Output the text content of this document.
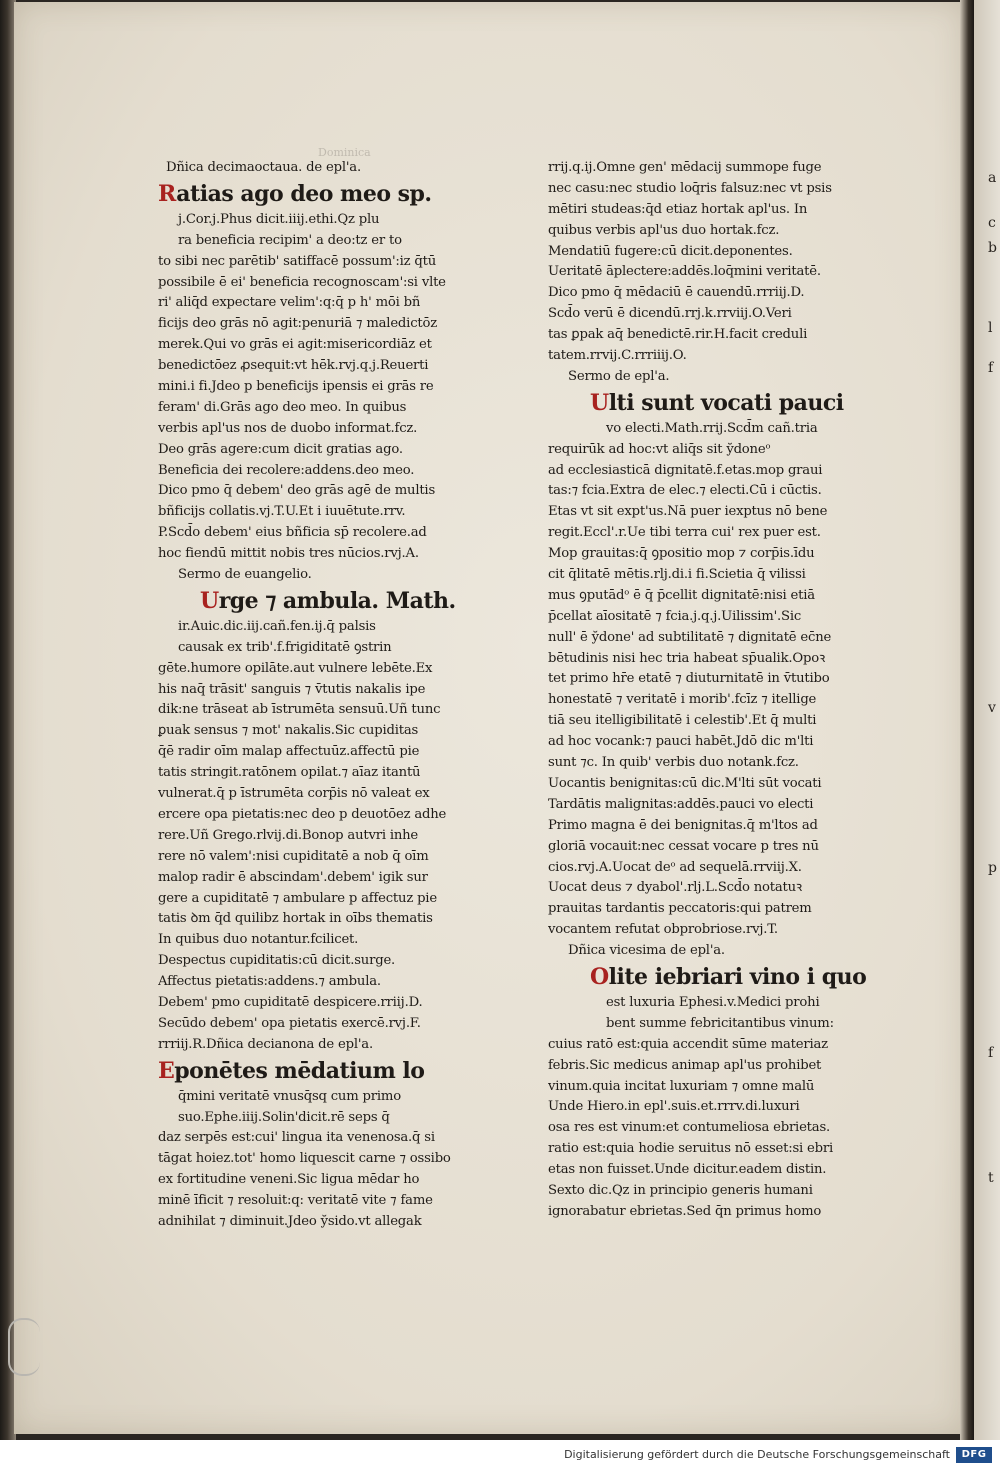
a
c
b
l
f
v
p
f
t
Dñica decimaoctaua. de epl'a.
Ratias ago deo meo sp.
j.Cor.j.Phus dicit.iiij.ethi.Qz plu
ra beneficia recipim' a deo:tz er to
to sibi nec parētib' satiffacē possum':iz q̄tū
possibile ē ei' beneficia recognoscam':si vlte
ri' aliq̄d expectare velim':q:q̄ p h' mōi bñ
ficijs deo grās nō agit:penuriā ⁊ maledictōz
merek.Qui vo grās ei agit:misericordiāz et
benedictōez ꝓsequit:vt hēk.rvj.q.j.Reuerti
mini.i fi.Jdeo p beneficijs ipensis ei grās re
feram' di.Grās ago deo meo. In quibus
verbis apl'us nos de duobo informat.fcz.
Deo grās agere:cum dicit gratias ago.
Beneficia dei recolere:addens.deo meo.
Dico pmo q̄ debem' deo grās agē de multis
bñficijs collatis.vj.T.U.Et i iuuētute.rrv.
P.Scd̄o debem' eius bñficia sp̄ recolere.ad
hoc fiendū mittit nobis tres nūcios.rvj.A.
Sermo de euangelio.
Urge ⁊ ambula. Math.
ir.Auic.dic.iij.cañ.fen.ij.q̄ palsis
causak ex trib'.f.frigiditatē ꝯstrin
gēte.humore opilāte.aut vulnere lebēte.Ex
his naq̄ trāsit' sanguis ⁊ v̄tutis nakalis ipe
dik:ne trāseat ab īstrumēta sensuū.Uñ tunc
ꝑuak sensus ⁊ mot' nakalis.Sic cupiditas
q̄ē radir oīm malap affectuūz.affectū pie
tatis stringit.ratōnem opilat.⁊ aīaz itantū
vulnerat.q̄ p īstrumēta corp̄is nō valeat ex
ercere opa pietatis:nec deo p deuotōez adhe
rere.Uñ Grego.rlvij.di.Bonop autvri inhe
rere nō valem':nisi cupiditatē a nob q̄ oīm
malop radir ē abscindam'.debem' igik sur
gere a cupiditatē ⁊ ambulare p affectuz pie
tatis ꝺm q̄d quilibz hortak in oībs thematis
In quibus duo notantur.fcilicet.
Despectus cupiditatis:cū dicit.surge.
Affectus pietatis:addens.⁊ ambula.
Debem' pmo cupiditatē despicere.rriij.D.
Secūdo debem' opa pietatis exercē.rvj.F.
rrriij.R.Dñica decianona de epl'a.
Eponētes mēdatium lo
q̄mini veritatē vnusq̄sq cum primo
suo.Ephe.iiij.Solin'dicit.rē seps q̄
daz serpēs est:cui' lingua ita venenosa.q̄ si
tāgat hoiez.tot' homo liquescit carne ⁊ ossibo
ex fortitudine veneni.Sic ligua mēdar ho
minē īficit ⁊ resoluit:q: veritatē vite ⁊ fame
adnihilat ⁊ diminuit.Jdeo y̆sido.vt allegak
rrij.q.ij.Omne gen' mēdacij summope fuge
nec casu:nec studio loq̄ris falsuz:nec vt psis
mētiri studeas:q̄d etiaz hortak apl'us. In
quibus verbis apl'us duo hortak.fcz.
Mendatiū fugere:cū dicit.deponentes.
Ueritatē āplectere:addēs.loq̄mini veritatē.
Dico pmo q̄ mēdaciū ē cauendū.rrriij.D.
Scd̄o verū ē dicendū.rrj.k.rrviij.O.Veri
tas ꝑpak aq̄ benedictē.rir.H.facit creduli
tatem.rrvij.C.rrriiij.O.
Sermo de epl'a.
Ulti sunt vocati pauci
vo electi.Math.rrij.Scd̄m cañ.tria
requirūk ad hoc:vt aliq̄s sit y̆doneᵒ
ad ecclesiasticā dignitatē.f.etas.mop graui
tas:⁊ fcia.Extra de elec.⁊ electi.Cū i cūctis.
Etas vt sit expt'us.Nā puer iexptus nō bene
regit.Eccl'.r.Ue tibi terra cui' rex puer est.
Mop grauitas:q̄ ꝯpositio mop ⁊ corp̄is.īdu
cit q̄litatē mētis.rlj.di.i fi.Scietia q̄ vilissi
mus ꝯputādᵒ ē q̄ p̄cellit dignitatē:nisi etiā
p̄cellat aīositatē ⁊ fcia.j.q.j.Uilissim'.Sic
null' ē y̆done' ad subtilitatē ⁊ dignitatē ec̄ne
bētudinis nisi hec tria habeat sp̄ualik.Opoꝛ
tet primo hr̄e etatē ⁊ diuturnitatē in v̄tutibo
honestatē ⁊ veritatē i morib'.fcīz ⁊ itellige
tiā seu itelligibilitatē i celestib'.Et q̄ multi
ad hoc vocank:⁊ pauci habēt.Jdō dic m'lti
sunt ⁊c. In quib' verbis duo notank.fcz.
Uocantis benignitas:cū dic.M'lti sūt vocati
Tardātis malignitas:addēs.pauci vo electi
Primo magna ē dei benignitas.q̄ m'ltos ad
gloriā vocauit:nec cessat vocare p tres nū
cios.rvj.A.Uocat deᵒ ad sequelā.rrviij.X.
Uocat deus ⁊ dyabol'.rlj.L.Scd̄o notatuꝛ
prauitas tardantis peccatoris:qui patrem
vocantem refutat obprobriose.rvj.T.
Dñica vicesima de epl'a.
Olite iebriari vino i quo
est luxuria Ephesi.v.Medici prohi
bent summe febricitantibus vinum:
cuius ratō est:quia accendit sūme materiaz
febris.Sic medicus animap apl'us prohibet
vinum.quia incitat luxuriam ⁊ omne malū
Unde Hiero.in epl'.suis.et.rrrv.di.luxuri
osa res est vinum:et contumeliosa ebrietas.
ratio est:quia hodie seruitus nō esset:si ebri
etas non fuisset.Unde dicitur.eadem distin.
Sexto dic.Qz in principio generis humani
ignorabatur ebrietas.Sed q̄n primus homo
Dominica
Digitalisierung gefördert durch die Deutsche Forschungsgemeinschaft	DFG
